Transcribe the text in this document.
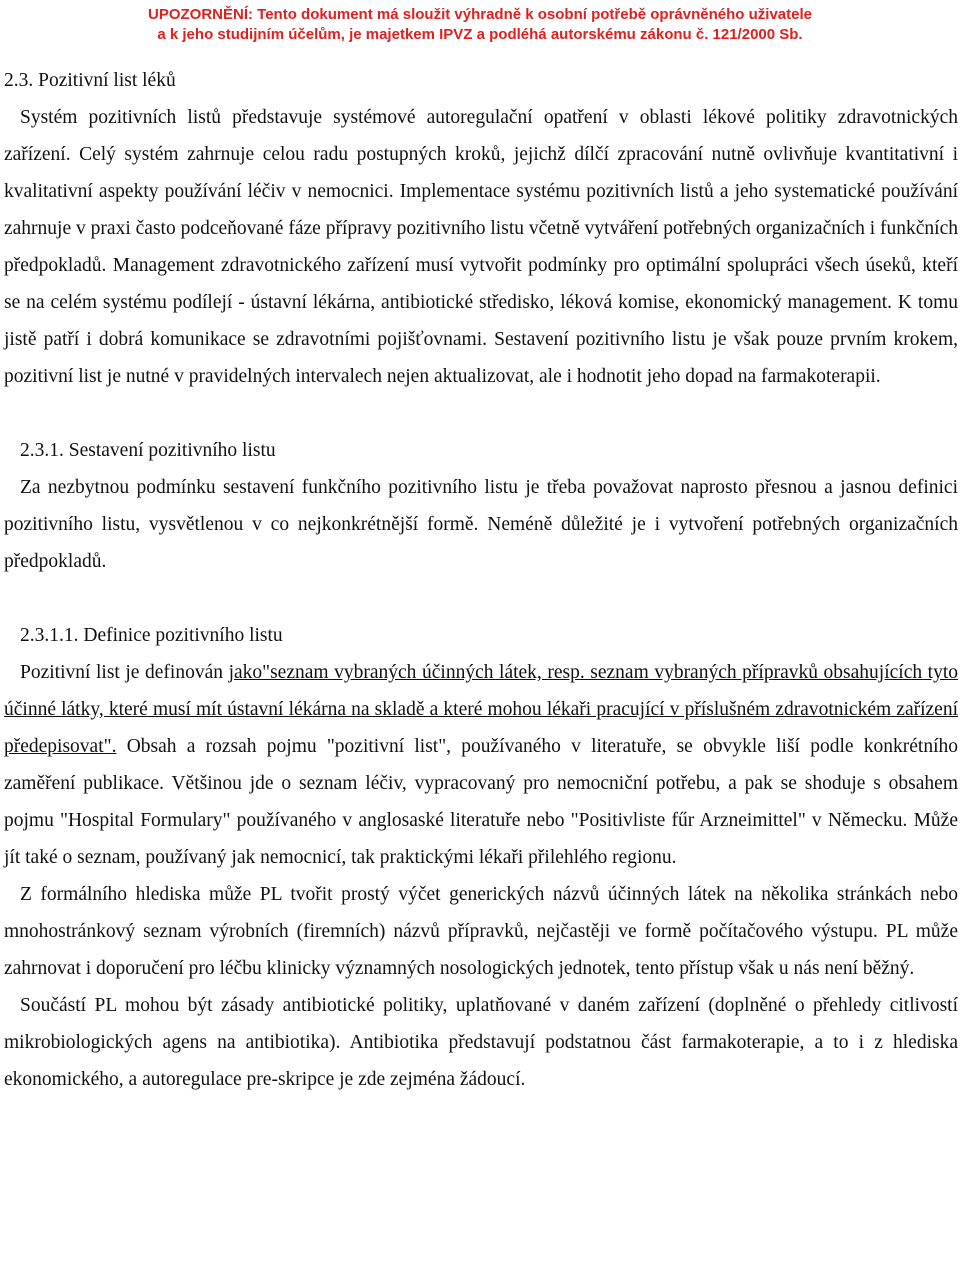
UPOZORNĚNÍ: Tento dokument má sloužit výhradně k osobní potřebě oprávněného uživatele
a k jeho studijním účelům, je majetkem IPVZ a podléhá autorskému zákonu č. 121/2000 Sb.

2.3. Pozitivní list léků

Systém pozitivních listů představuje systémové autoregulační opatření v oblasti lékové politiky zdravotnických zařízení. Celý systém zahrnuje celou radu postupných kroků, jejichž dílčí zpracování nutně ovlivňuje kvantitativní i kvalitativní aspekty používání léčiv v nemocnici. Implementace systému pozitivních listů a jeho systematické používání zahrnuje v praxi často podceňované fáze přípravy pozitivního listu včetně vytváření potřebných organizačních i funkčních předpokladů. Management zdravotnického zařízení musí vytvořit podmínky pro optimální spolupráci všech úseků, kteří se na celém systému podílejí - ústavní lékárna, antibiotické středisko, léková komise, ekonomický management. K tomu jistě patří i dobrá komunikace se zdravotními pojišťovnami. Sestavení pozitivního listu je však pouze prvním krokem, pozitivní list je nutné v pravidelných intervalech nejen aktualizovat, ale i hodnotit jeho dopad na farmakoterapii.

2.3.1. Sestavení pozitivního listu

Za nezbytnou podmínku sestavení funkčního pozitivního listu je třeba považovat naprosto přesnou a jasnou definici pozitivního listu, vysvětlenou v co nejkonkrétnější formě. Neméně důležité je i vytvoření potřebných organizačních předpokladů.

2.3.1.1. Definice pozitivního listu

Pozitivní list je definován jako"seznam vybraných účinných látek, resp. seznam vybraných přípravků obsahujících tyto účinné látky, které musí mít ústavní lékárna na skladě a které mohou lékaři pracující v příslušném zdravotnickém zařízení předepisovat". Obsah a rozsah pojmu "pozitivní list", používaného v literatuře, se obvykle liší podle konkrétního zaměření publikace. Většinou jde o seznam léčiv, vypracovaný pro nemocniční potřebu, a pak se shoduje s obsahem pojmu "Hospital Formulary" používaného v anglosaské literatuře nebo "Positivliste fűr Arzneimittel" v Německu. Může jít také o seznam, používaný jak nemocnicí, tak praktickými lékaři přilehlého regionu.

Z formálního hlediska může PL tvořit prostý výčet generických názvů účinných látek na několika stránkách nebo mnohostránkový seznam výrobních (firemních) názvů přípravků, nejčastěji ve formě počítačového výstupu. PL může zahrnovat i doporučení pro léčbu klinicky významných nosologických jednotek, tento přístup však u nás není běžný.

Součástí PL mohou být zásady antibiotické politiky, uplatňované v daném zařízení (doplněné o přehledy citlivostí mikrobiologických agens na antibiotika). Antibiotika představují podstatnou část farmakoterapie, a to i z hlediska ekonomického, a autoregulace pre-skripce je zde zejména žádoucí.
